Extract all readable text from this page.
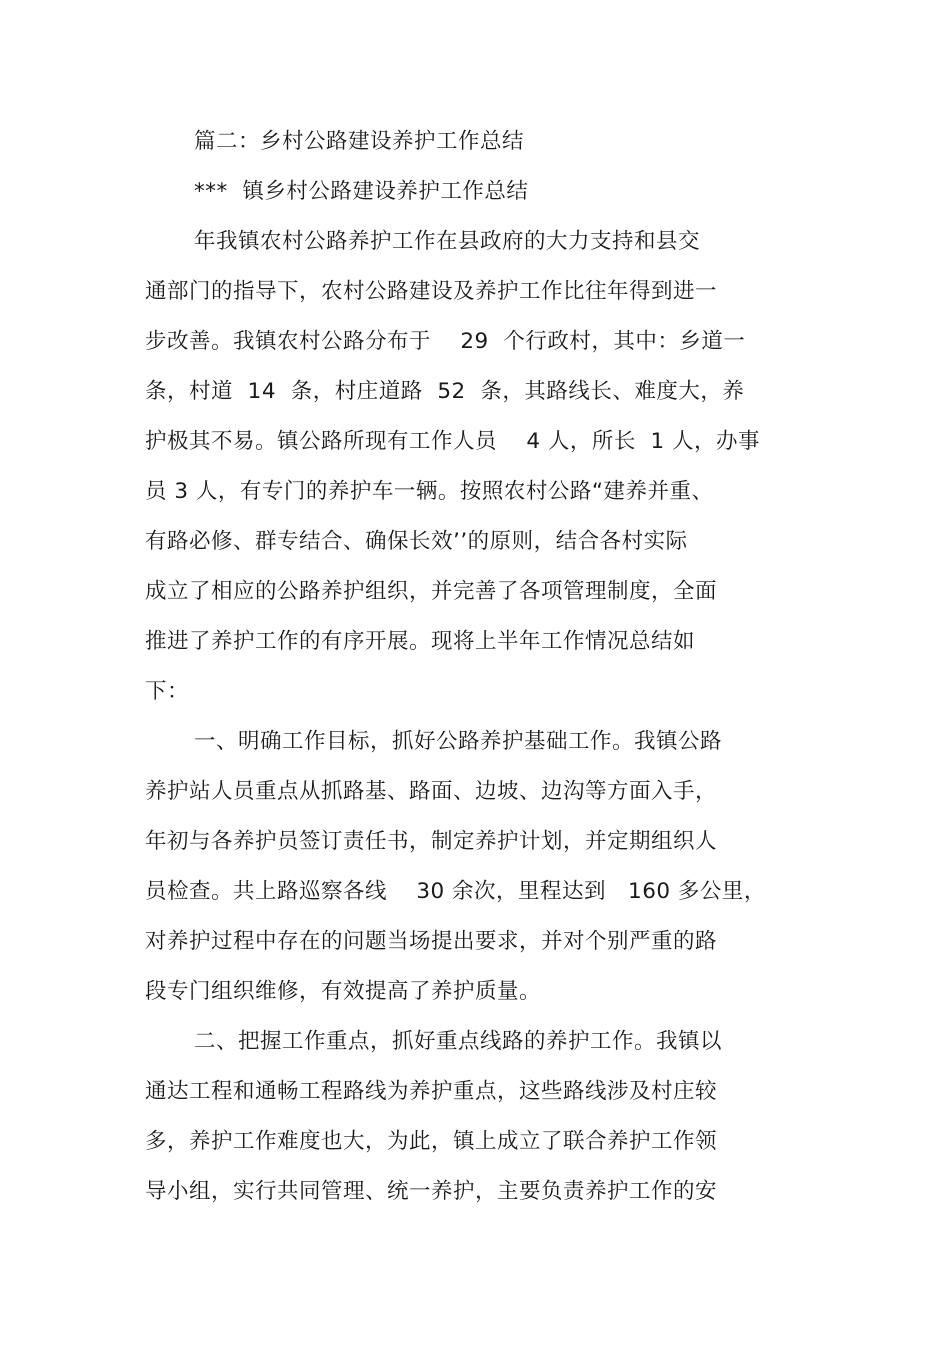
篇二：乡村公路建设养护工作总结
***  镇乡村公路建设养护工作总结
年我镇农村公路养护工作在县政府的大力支持和县交
通部门的指导下，农村公路建设及养护工作比往年得到进一
步改善。我镇农村公路分布于    29  个行政村，其中：乡道一
条，村道  14  条，村庄道路  52  条，其路线长、难度大，养
护极其不易。镇公路所现有工作人员    4 人，所长  1 人，办事
员 3 人，有专门的养护车一辆。按照农村公路“建养并重、
有路必修、群专结合、确保长效’’的原则，结合各村实际
成立了相应的公路养护组织，并完善了各项管理制度，全面
推进了养护工作的有序开展。现将上半年工作情况总结如
下：
一、明确工作目标，抓好公路养护基础工作。我镇公路
养护站人员重点从抓路基、路面、边坡、边沟等方面入手，
年初与各养护员签订责任书，制定养护计划，并定期组织人
员检查。共上路巡察各线    30 余次，里程达到   160 多公里，
对养护过程中存在的问题当场提出要求，并对个别严重的路
段专门组织维修，有效提高了养护质量。
二、把握工作重点，抓好重点线路的养护工作。我镇以
通达工程和通畅工程路线为养护重点，这些路线涉及村庄较
多，养护工作难度也大，为此，镇上成立了联合养护工作领
导小组，实行共同管理、统一养护，主要负责养护工作的安
